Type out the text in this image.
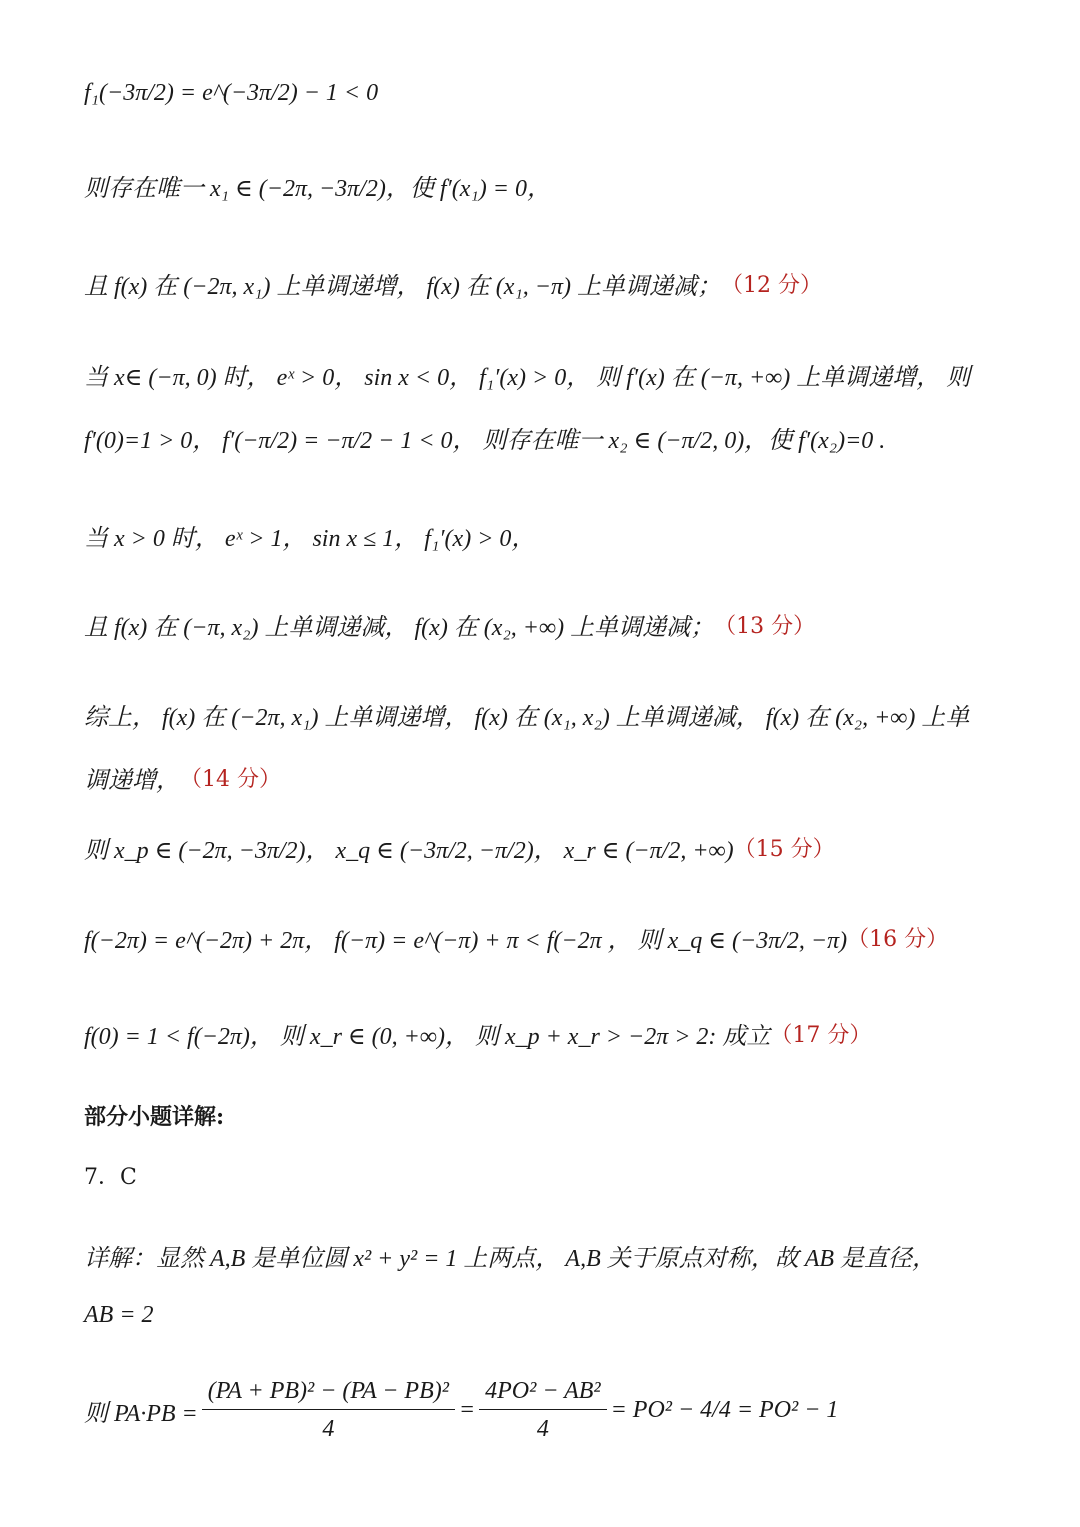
f₁(−3π/2) = e^(−3π/2) − 1 < 0
则存在唯一 x₁ ∈ (−2π, −3π/2)，使 f′(x₁) = 0，
且 f(x) 在 (−2π, x₁) 上单调递增， f(x) 在 (x₁, −π) 上单调递减； （12 分）
当 x∈ (−π, 0) 时， eˣ > 0， sin x < 0， f₁′(x) > 0， 则 f′(x) 在 (−π, +∞) 上单调递增， 则
f′(0)=1 > 0， f′(−π/2) = −π/2 − 1 < 0， 则存在唯一 x₂ ∈ (−π/2, 0)，使 f′(x₂)=0 .
当 x > 0 时， eˣ > 1， sin x ≤ 1， f₁′(x) > 0，
且 f(x) 在 (−π, x₂) 上单调递减， f(x) 在 (x₂, +∞) 上单调递减； （13 分）
综上， f(x) 在 (−2π, x₁) 上单调递增， f(x) 在 (x₁, x₂) 上单调递减， f(x) 在 (x₂, +∞) 上单
调递增， （14 分）
则 x_p ∈ (−2π, −3π/2)， x_q ∈ (−3π/2, −π/2)， x_r ∈ (−π/2, +∞) （15 分）
f(−2π) = e^(−2π) + 2π， f(−π) = e^(−π) + π < f(−2π ， 则 x_q ∈ (−3π/2, −π) （16 分）
f(0) = 1 < f(−2π)， 则 x_r ∈ (0, +∞)， 则 x_p + x_r > −2π > 2: 成立 （17 分）
部分小题详解:
7．C
详解：显然 A,B 是单位圆 x² + y² = 1 上两点， A,B 关于原点对称，故 AB 是直径，
AB = 2
则 $PA\cdot PB = \frac{\text{(PA + PB)² − (PA − PB)²}}{4} = \frac{\text{4PO² − AB²}}{4} = PO^2 - 4/4 = PO^2 - 1$
